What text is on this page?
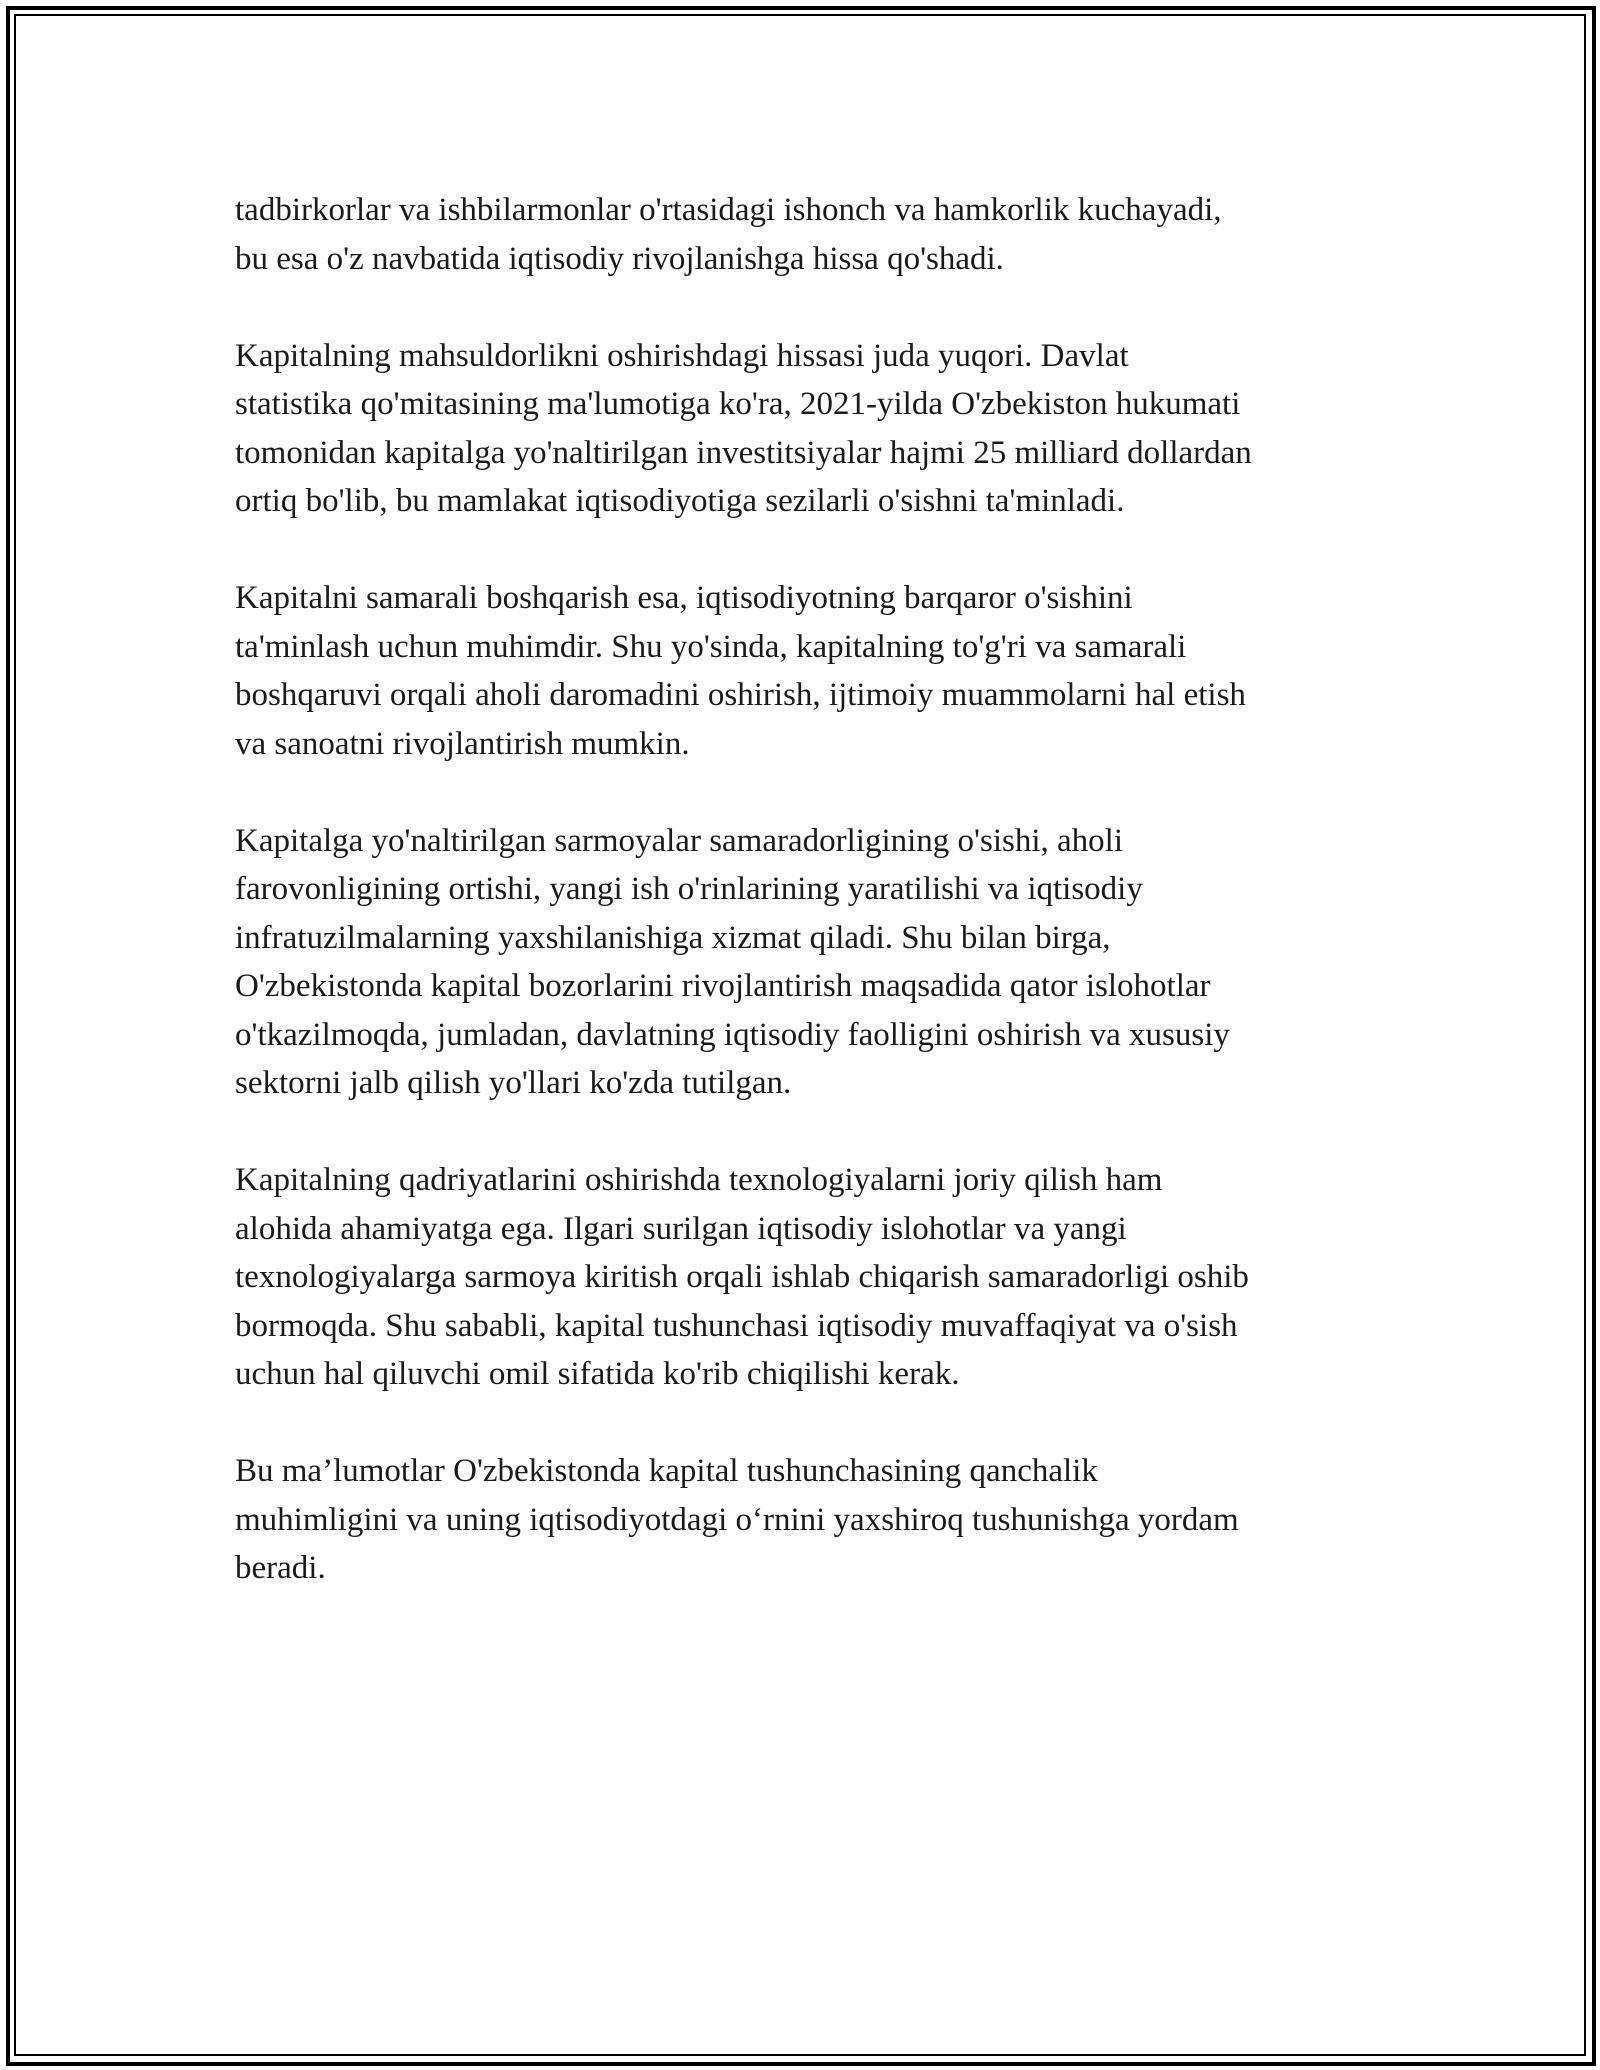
tadbirkorlar va ishbilarmonlar o'rtasidagi ishonch va hamkorlik kuchayadi,
bu esa o'z navbatida iqtisodiy rivojlanishga hissa qo'shadi.

Kapitalning mahsuldorlikni oshirishdagi hissasi juda yuqori. Davlat
statistika qo'mitasining ma'lumotiga ko'ra, 2021-yilda O'zbekiston hukumati
tomonidan kapitalga yo'naltirilgan investitsiyalar hajmi 25 milliard dollardan
ortiq bo'lib, bu mamlakat iqtisodiyotiga sezilarli o'sishni ta'minladi.

Kapitalni samarali boshqarish esa, iqtisodiyotning barqaror o'sishini
ta'minlash uchun muhimdir. Shu yo'sinda, kapitalning to'g'ri va samarali
boshqaruvi orqali aholi daromadini oshirish, ijtimoiy muammolarni hal etish
va sanoatni rivojlantirish mumkin.

Kapitalga yo'naltirilgan sarmoyalar samaradorligining o'sishi, aholi
farovonligining ortishi, yangi ish o'rinlarining yaratilishi va iqtisodiy
infratuzilmalarning yaxshilanishiga xizmat qiladi. Shu bilan birga,
O'zbekistonda kapital bozorlarini rivojlantirish maqsadida qator islohotlar
o'tkazilmoqda, jumladan, davlatning iqtisodiy faolligini oshirish va xususiy
sektorni jalb qilish yo'llari ko'zda tutilgan.

Kapitalning qadriyatlarini oshirishda texnologiyalarni joriy qilish ham
alohida ahamiyatga ega. Ilgari surilgan iqtisodiy islohotlar va yangi
texnologiyalarga sarmoya kiritish orqali ishlab chiqarish samaradorligi oshib
bormoqda. Shu sababli, kapital tushunchasi iqtisodiy muvaffaqiyat va o'sish
uchun hal qiluvchi omil sifatida ko'rib chiqilishi kerak.

Bu ma’lumotlar O'zbekistonda kapital tushunchasining qanchalik
muhimligini va uning iqtisodiyotdagi o‘rnini yaxshiroq tushunishga yordam
beradi.
